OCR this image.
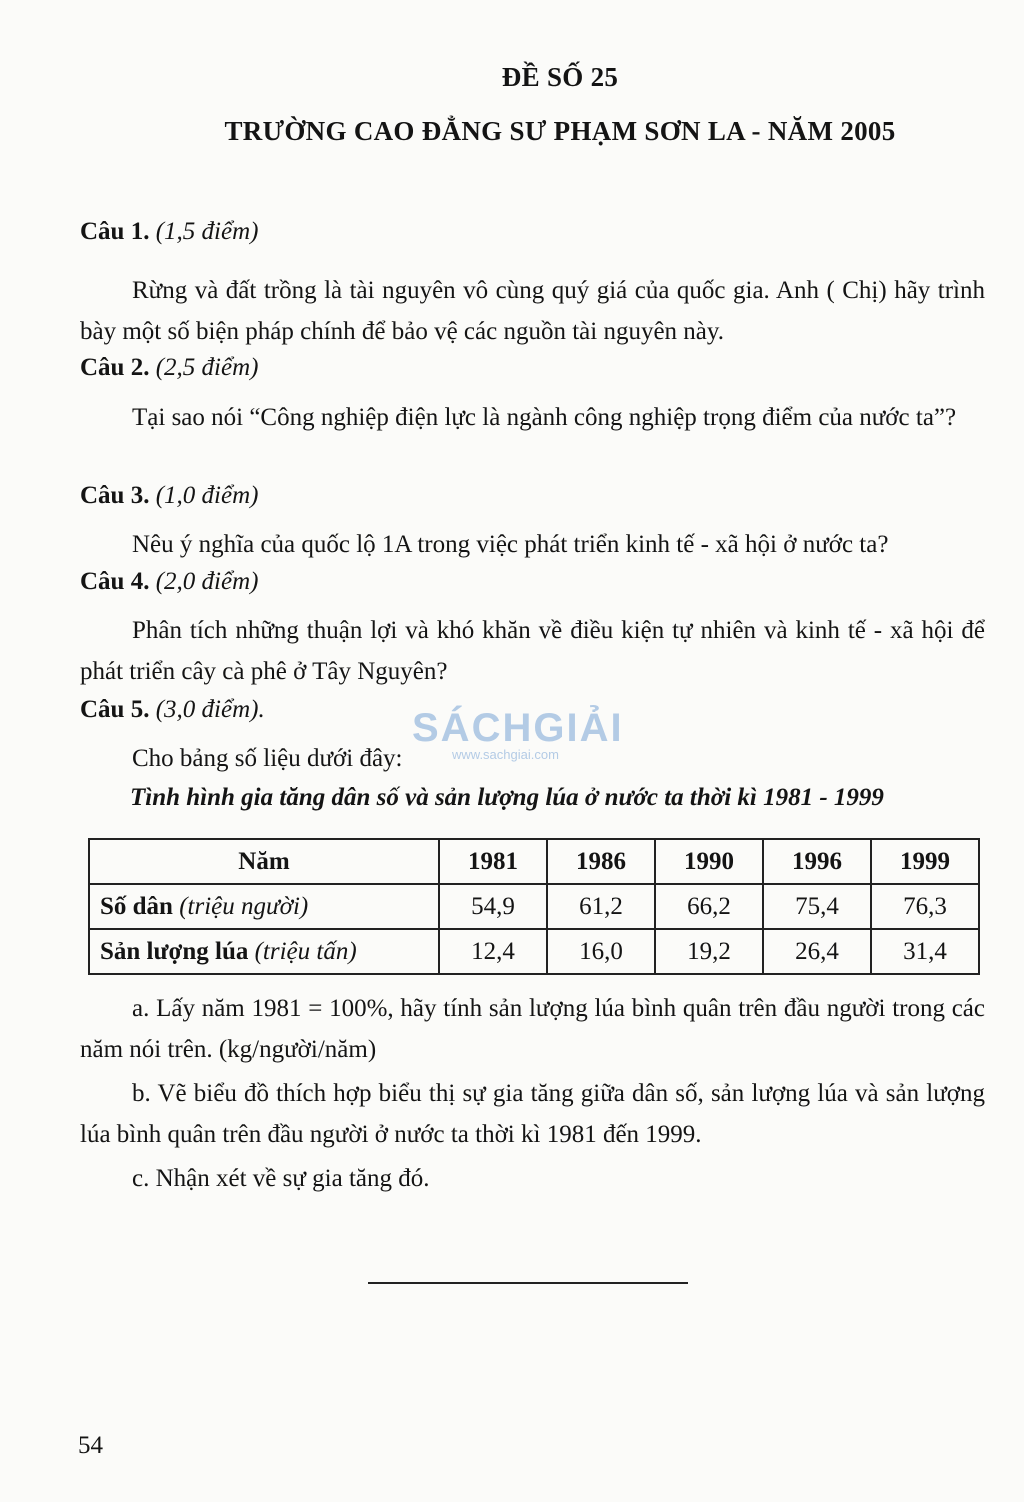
ĐỀ SỐ 25
TRƯỜNG CAO ĐẲNG SƯ PHẠM SƠN LA - NĂM 2005
Câu 1. (1,5 điểm)
Rừng và đất trồng là tài nguyên vô cùng quý giá của quốc gia. Anh ( Chị) hãy trình bày một số biện pháp chính để bảo vệ các nguồn tài nguyên này.
Câu 2. (2,5 điểm)
Tại sao nói “Công nghiệp điện lực là ngành công nghiệp trọng điểm của nước ta”?
Câu 3. (1,0 điểm)
Nêu ý nghĩa của quốc lộ 1A trong việc phát triển kinh tế - xã hội ở nước ta?
Câu 4. (2,0 điểm)
Phân tích những thuận lợi và khó khăn về điều kiện tự nhiên và kinh tế - xã hội để phát triển cây cà phê ở Tây Nguyên?
Câu 5. (3,0 điểm).
Cho bảng số liệu dưới đây:
SÁCHGIẢI
www.sachgiai.com
Tình hình gia tăng dân số và sản lượng lúa ở nước ta thời kì 1981 - 1999
Năm	1981	1986	1990	1996	1999
Số dân (triệu người)	54,9	61,2	66,2	75,4	76,3
Sản lượng lúa (triệu tấn)	12,4	16,0	19,2	26,4	31,4
a. Lấy năm 1981 = 100%, hãy tính sản lượng lúa bình quân trên đầu người trong các năm nói trên. (kg/người/năm)
b. Vẽ biểu đồ thích hợp biểu thị sự gia tăng giữa dân số, sản lượng lúa và sản lượng lúa bình quân trên đầu người ở nước ta thời kì 1981 đến 1999.
c. Nhận xét về sự gia tăng đó.
54
